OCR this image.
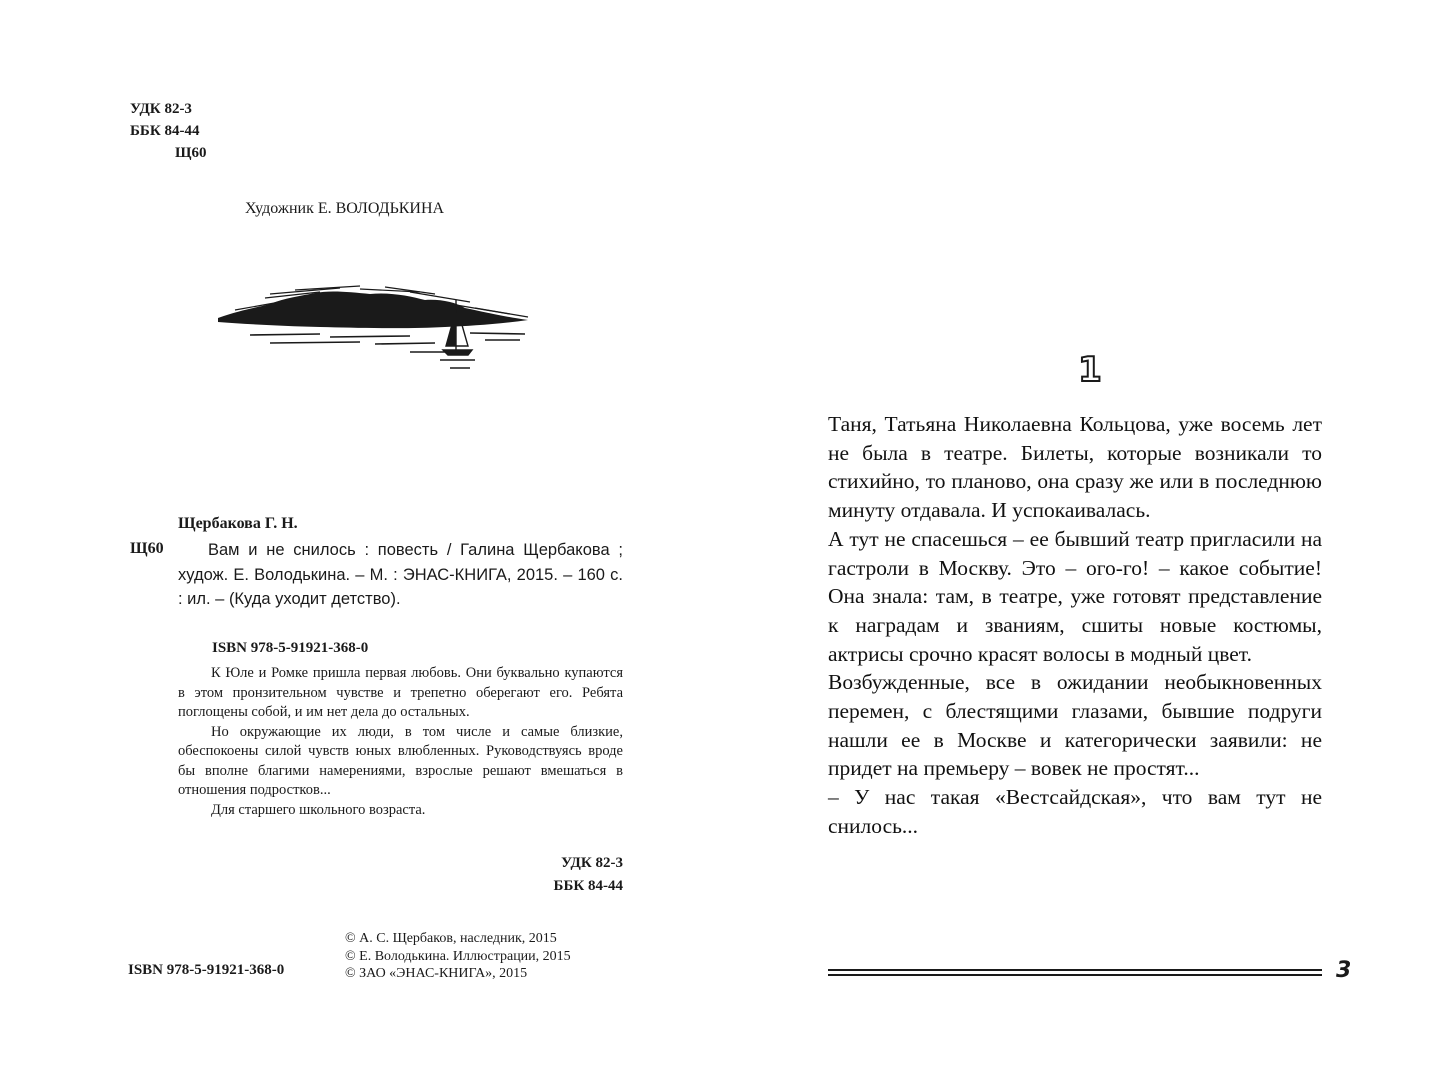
УДК 82-3
ББК 84-44
Щ60
Художник Е. ВОЛОДЬКИНА
Щербакова Г. Н.
Щ60	Вам и не снилось : повесть / Галина Щербакова ; худож. Е. Володькина. – М. : ЭНАС-КНИГА, 2015. – 160 с. : ил. – (Куда уходит детство).
ISBN 978-5-91921-368-0

К Юле и Ромке пришла первая любовь. Они буквально купаются в этом пронзительном чувстве и трепетно оберегают его. Ребята поглощены собой, и им нет дела до остальных.

Но окружающие их люди, в том числе и самые близкие, обеспокоены силой чувств юных влюбленных. Руководствуясь вроде бы вполне благими намерениями, взрослые решают вмешаться в отношения подростков...

Для старшего школьного возраста.

УДК 82-3
ББК 84-44
© А. С. Щербаков, наследник, 2015
© Е. Володькина. Иллюстрации, 2015
© ЗАО «ЭНАС-КНИГА», 2015
ISBN 978-5-91921-368-0
1

Таня, Татьяна Николаевна Кольцова, уже восемь лет не была в театре. Билеты, которые возникали то стихийно, то планово, она сразу же или в последнюю минуту отдавала. И успокаивалась.

А тут не спасешься – ее бывший театр пригласили на гастроли в Москву. Это – ого-го! – какое событие! Она знала: там, в театре, уже готовят представление к наградам и званиям, сшиты новые костюмы, актрисы срочно красят волосы в модный цвет.

Возбужденные, все в ожидании необыкновенных перемен, с блестящими глазами, бывшие подруги нашли ее в Москве и категорически заявили: не придет на премьеру – вовек не простят...

– У нас такая «Вестсайдская», что вам тут не снилось...

3
